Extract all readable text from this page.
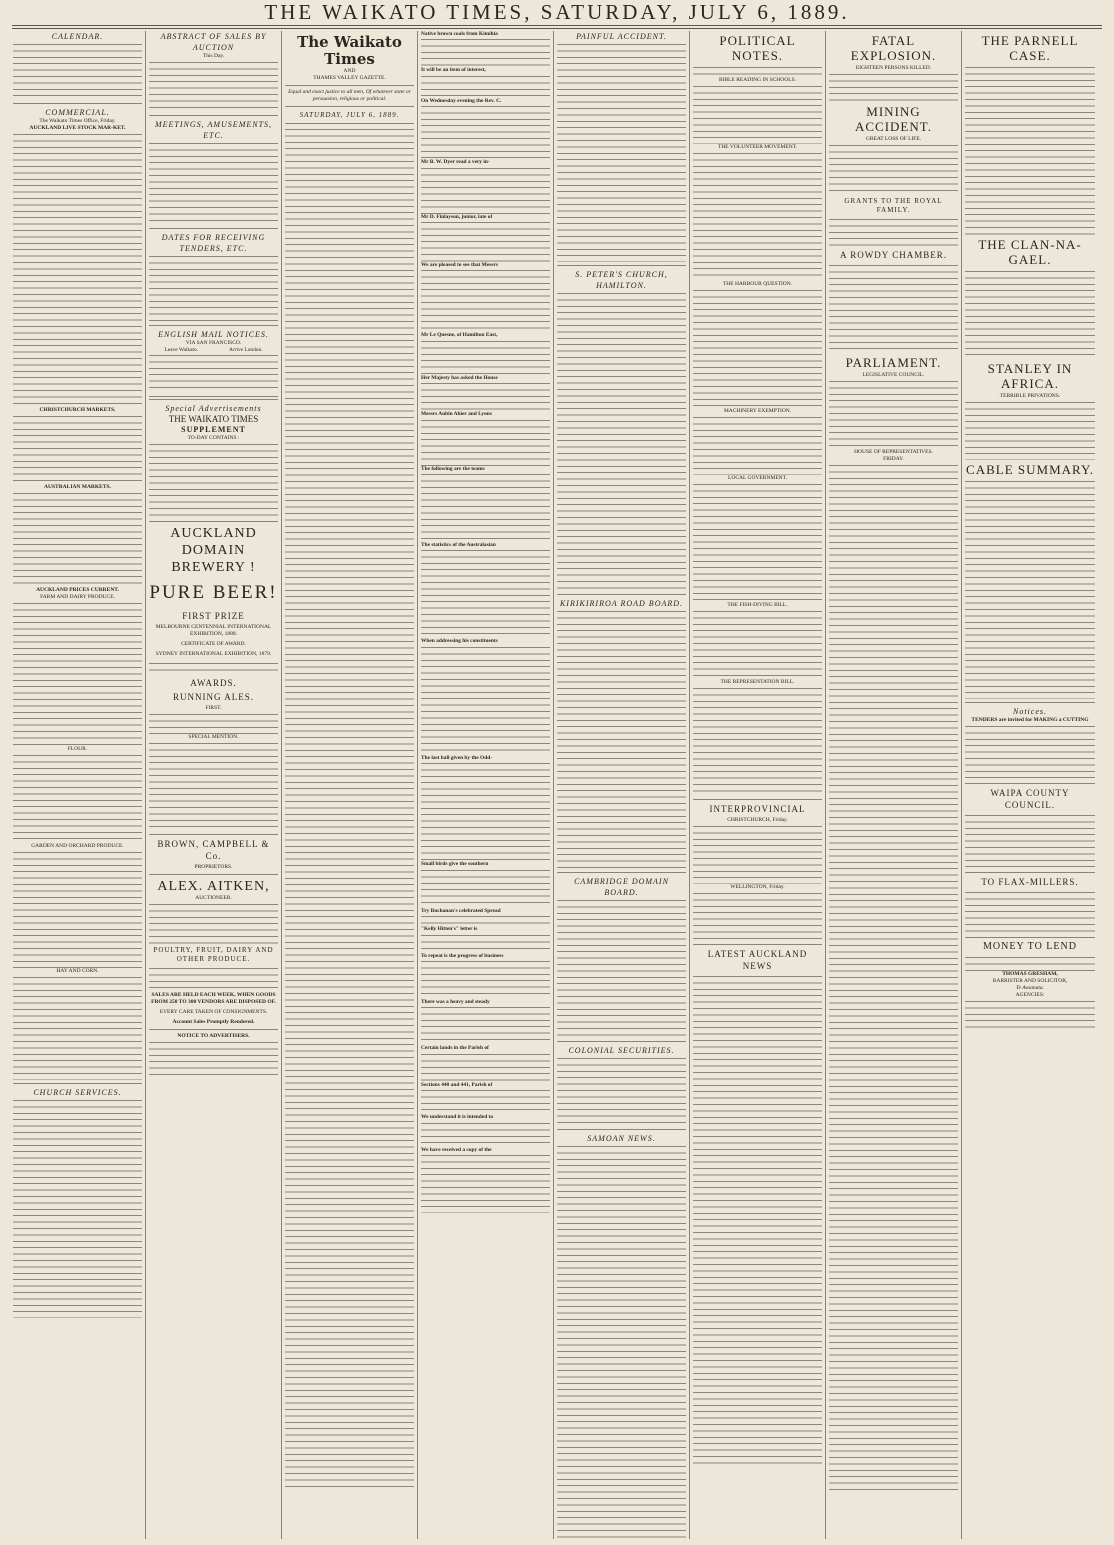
THE WAIKATO TIMES, SATURDAY, JULY 6, 1889.
CALENDAR.
COMMERCIAL.
The Waikato Times Office, Friday.
AUCKLAND LIVE STOCK MAR-KET.
CHRISTCHURCH MARKETS.
AUSTRALIAN MARKETS.
AUCKLAND PRICES CURRENT.
FARM AND DAIRY PRODUCE.
FLOUR.
GARDEN AND ORCHARD PRODUCE.
HAY AND CORN.
CHURCH SERVICES.
ABSTRACT OF SALES BY AUCTION
This Day.
MEETINGS, AMUSEMENTS, ETC.
DATES FOR RECEIVING TENDERS, ETC.
ENGLISH MAIL NOTICES.
VIA SAN FRANCISCO.
Leave Waikato.	Arrive London.
Special Advertisements
THE WAIKATO TIMES
SUPPLEMENT
TO-DAY CONTAINS :
AUCKLAND DOMAIN BREWERY !
PURE BEER!
FIRST PRIZE
MELBOURNE CENTENNIAL INTERNATIONAL EXHIBITION, 1888.
CERTIFICATE OF AWARD.
SYDNEY INTERNATIONAL EXHIBITION, 1879.
AWARDS.
RUNNING ALES.
FIRST.
SPECIAL MENTION.
BROWN, CAMPBELL & Co.
PROPRIETORS.
ALEX. AITKEN,
AUCTIONEER.
POULTRY, FRUIT, DAIRY AND OTHER PRODUCE.
SALES ARE HELD EACH WEEK, WHEN GOODS FROM 250 TO 300 VENDORS ARE DISPOSED OF.
EVERY CARE TAKEN OF CONSIGNMENTS.
Account Sales Promptly Rendered.
NOTICE TO ADVERTISERS.
The Waikato Times
AND
THAMES VALLEY GAZETTE.
Equal and exact justice to all men, Of whatever state or persuasion, religious or political.
SATURDAY, JULY 6, 1889.
Native brown coals from Kimihia
It will be an item of interest,
On Wednesday evening the Rev. C.
Mr B. W. Dyer read a very in-
Mr D. Finlayson, junior, late of
We are pleased to see that Messrs
Mr Le Quesne, of Hamilton East,
Her Majesty has asked the House
Messrs Aubin Ahier and Lyons
The following are the teams
The statistics of the Australasian
When addressing his constituents
The last ball given by the Odd-
Small birds give the southern
Try Buchanan's celebrated Spread
"Kelly Hitten's" letter is
To repeat is the progress of business
There was a heavy and steady
Certain lands in the Parish of
Sections 440 and 441, Parish of
We understand it is intended to
We have received a copy of the
PAINFUL ACCIDENT.
S. PETER'S CHURCH, HAMILTON.
KIRIKIRIROA ROAD BOARD.
CAMBRIDGE DOMAIN BOARD.
COLONIAL SECURITIES.
SAMOAN NEWS.
POLITICAL NOTES.
BIBLE READING IN SCHOOLS.
THE VOLUNTEER MOVEMENT.
THE HARBOUR QUESTION.
MACHINERY EXEMPTION.
LOCAL GOVERNMENT.
THE FISH-DIVING BILL.
THE REPRESENTATION BILL.
INTERPROVINCIAL
CHRISTCHURCH, Friday.
WELLINGTON, Friday.
LATEST AUCKLAND NEWS
FATAL EXPLOSION.
EIGHTEEN PERSONS KILLED.
MINING ACCIDENT.
GREAT LOSS OF LIFE.
GRANTS TO THE ROYAL FAMILY.
A ROWDY CHAMBER.
PARLIAMENT.
LEGISLATIVE COUNCIL.
HOUSE OF REPRESENTATIVES.
FRIDAY.
THE PARNELL CASE.
THE CLAN-NA-GAEL.
STANLEY IN AFRICA.
TERRIBLE PRIVATIONS.
CABLE SUMMARY.
Notices.
TENDERS are invited for MAKING a CUTTING
WAIPA COUNTY COUNCIL.
TO FLAX-MILLERS.
MONEY TO LEND
THOMAS GRESHAM,
BARRISTER AND SOLICITOR,
Te Awamutu.
AGENCIES:
